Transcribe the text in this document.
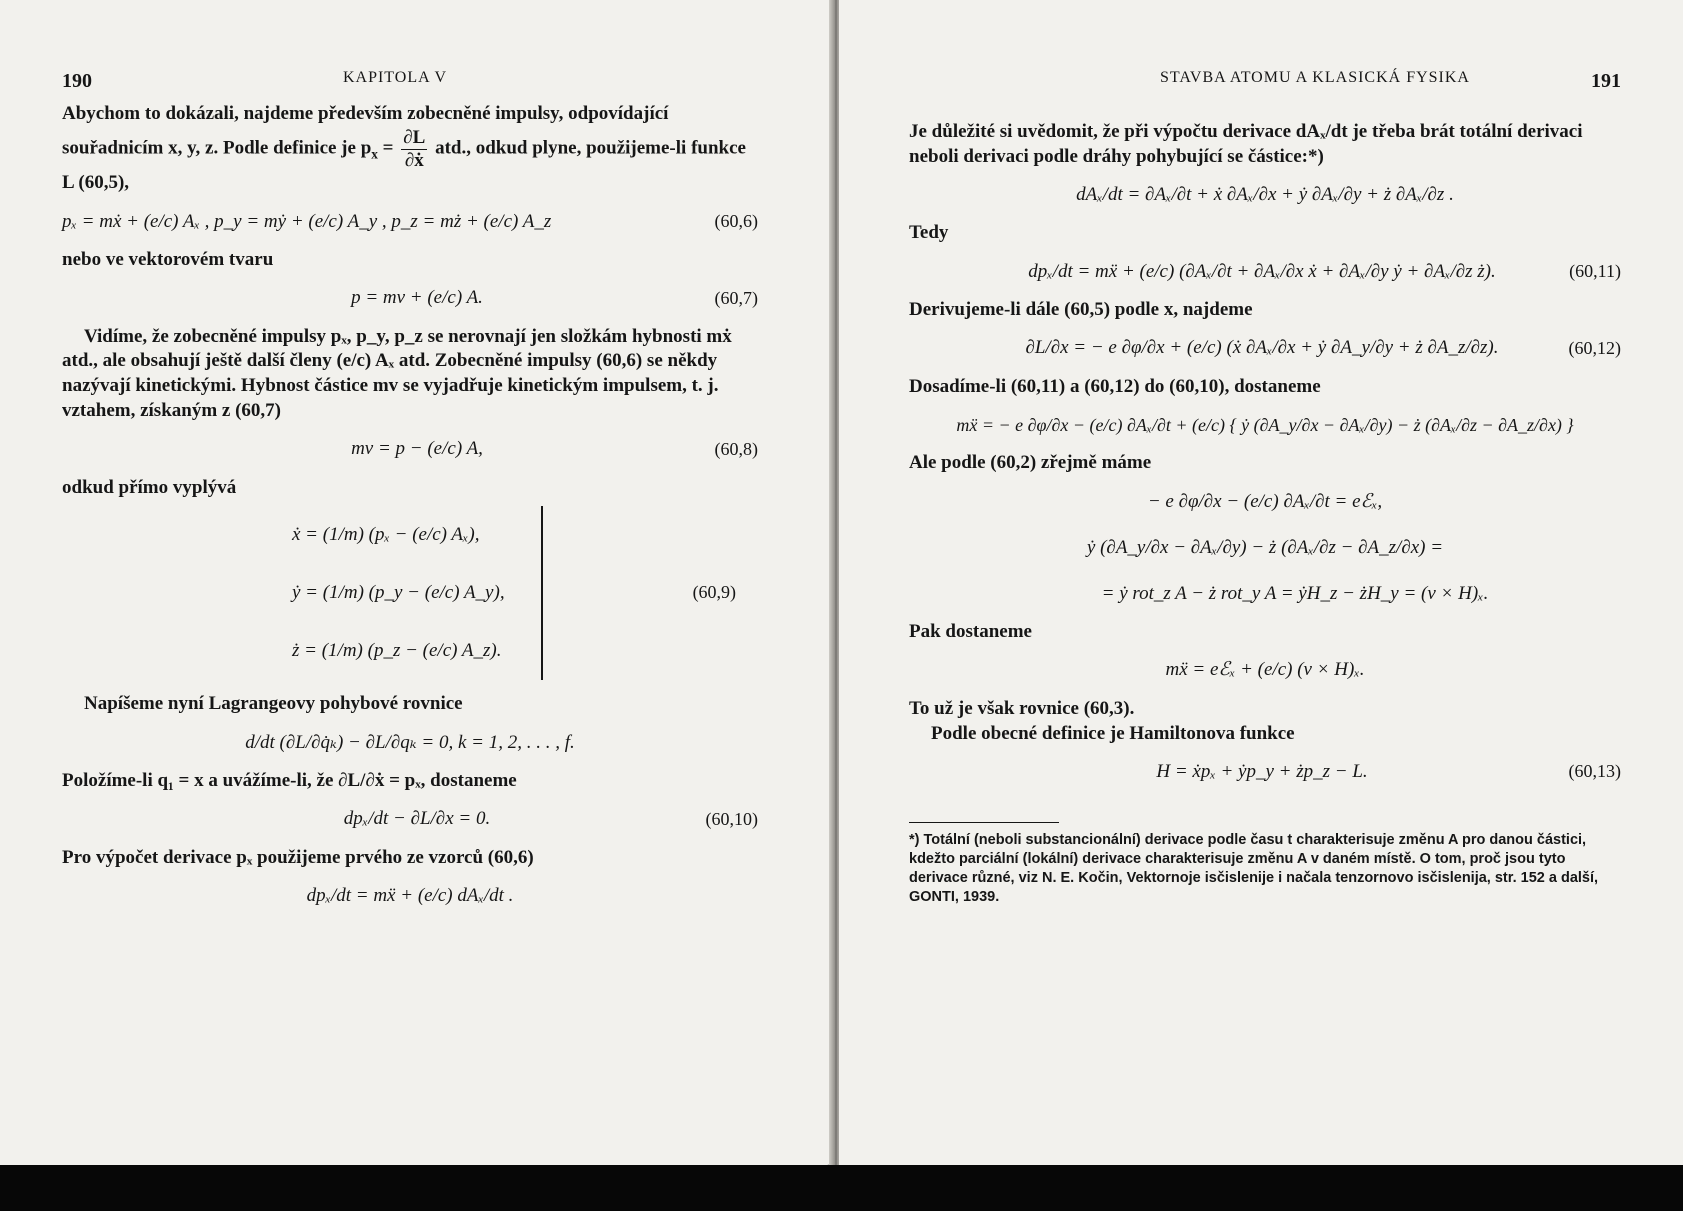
190	KAPITOLA V

Abychom to dokázali, najdeme především zobecněné impulsy, odpovídající souřadnicím x, y, z. Podle definice je $p_x = \frac{\partial L}{\text{∂ẋ}}$ atd., odkud plyne, použijeme-li funkce L (60,5),

pₓ = mẋ + (e/c) Aₓ , p_y = mẏ + (e/c) A_y , p_z = mż + (e/c) A_z	(60,6)

nebo ve vektorovém tvaru

p = mv + (e/c) A.	(60,7)

Vidíme, že zobecněné impulsy pₓ, p_y, p_z se nerovnají jen složkám hybnosti mẋ atd., ale obsahují ještě další členy (e/c) Aₓ atd. Zobecněné impulsy (60,6) se někdy nazývají kinetickými. Hybnost částice mv se vyjadřuje kinetickým impulsem, t. j. vztahem, získaným z (60,7)

mv = p − (e/c) A,	(60,8)

odkud přímo vyplývá

ẋ = (1/m) (pₓ − (e/c) Aₓ),
ẏ = (1/m) (p_y − (e/c) A_y),
ż = (1/m) (p_z − (e/c) A_z).
(60,9)

Napíšeme nyní Lagrangeovy pohybové rovnice

d/dt (∂L/∂q̇ₖ) − ∂L/∂qₖ = 0, k = 1, 2, . . . , f.

Položíme-li q₁ = x a uvážíme-li, že ∂L/∂ẋ = pₓ, dostaneme

dpₓ/dt − ∂L/∂x = 0.	(60,10)

Pro výpočet derivace pₓ použijeme prvého ze vzorců (60,6)

dpₓ/dt = mẍ + (e/c) dAₓ/dt .
STAVBA ATOMU A KLASICKÁ FYSIKA	191

Je důležité si uvědomit, že při výpočtu derivace dAₓ/dt je třeba brát totální derivaci neboli derivaci podle dráhy pohybující se částice:*)

dAₓ/dt = ∂Aₓ/∂t + ẋ ∂Aₓ/∂x + ẏ ∂Aₓ/∂y + ż ∂Aₓ/∂z .

Tedy

dpₓ/dt = mẍ + (e/c) (∂Aₓ/∂t + ∂Aₓ/∂x ẋ + ∂Aₓ/∂y ẏ + ∂Aₓ/∂z ż).	(60,11)

Derivujeme-li dále (60,5) podle x, najdeme

∂L/∂x = − e ∂φ/∂x + (e/c) (ẋ ∂Aₓ/∂x + ẏ ∂A_y/∂y + ż ∂A_z/∂z).	(60,12)

Dosadíme-li (60,11) a (60,12) do (60,10), dostaneme

mẍ = − e ∂φ/∂x − (e/c) ∂Aₓ/∂t + (e/c) { ẏ (∂A_y/∂x − ∂Aₓ/∂y) − ż (∂Aₓ/∂z − ∂A_z/∂x) }

Ale podle (60,2) zřejmě máme

− e ∂φ/∂x − (e/c) ∂Aₓ/∂t = eℰₓ,
ẏ (∂A_y/∂x − ∂Aₓ/∂y) − ż (∂Aₓ/∂z − ∂A_z/∂x) =
= ẏ rot_z A − ż rot_y A = ẏH_z − żH_y = (v × H)ₓ.

Pak dostaneme

mẍ = eℰₓ + (e/c) (v × H)ₓ.

To už je však rovnice (60,3).

Podle obecné definice je Hamiltonova funkce

H = ẋpₓ + ẏp_y + żp_z − L.	(60,13)

*) Totální (neboli substancionální) derivace podle času t charakterisuje změnu A pro danou částici, kdežto parciální (lokální) derivace charakterisuje změnu A v daném místě. O tom, proč jsou tyto derivace různé, viz N. E. Kočin, Vektornoje isčislenije i načala tenzornovo isčislenija, str. 152 a další, GONTI, 1939.
